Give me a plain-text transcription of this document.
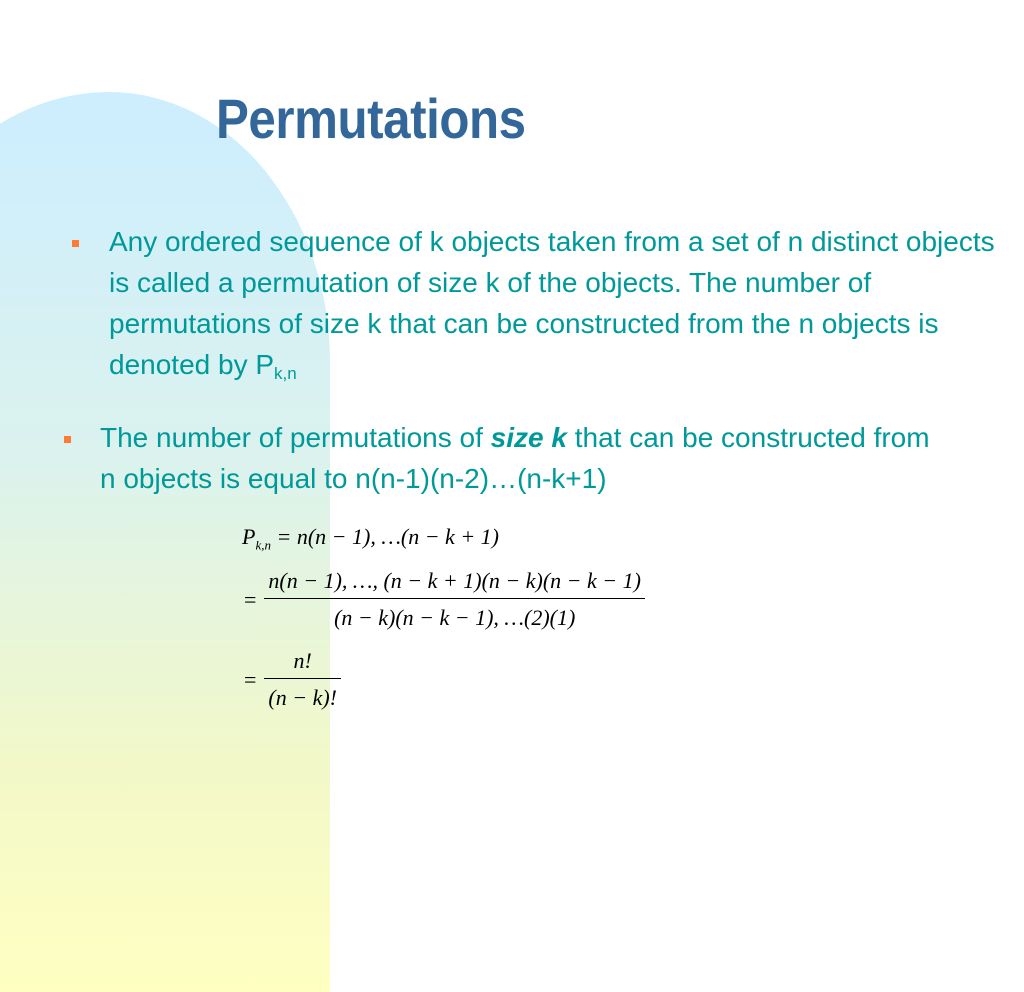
Permutations
Any ordered sequence of k objects taken from a set of n distinct objects is called a permutation of size k of the objects. The number of permutations of size k that can be constructed from the n objects is denoted by $P_{k,n}$
The number of permutations of size k that can be constructed from n objects is equal to n(n-1)(n-2)…(n-k+1)
$P_{k,n} = n(n - 1)$, …(n − k + 1)
= $\frac{n(n - 1), \dots, (n - k + 1)(n - k)(n - k - 1)}{(n - k)(n - k - 1), \dots(2)(1)}$
= $\frac{n!}{(n - k)!}$
